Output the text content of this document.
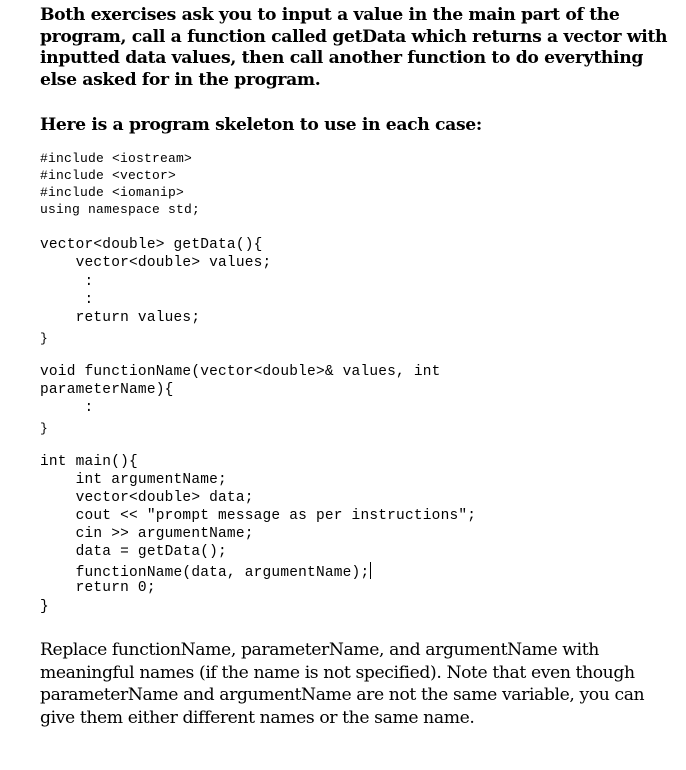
Both exercises ask you to input a value in the main part of the
program, call a function called getData which returns a vector with
inputted data values, then call another function to do everything
else asked for in the program.
Here is a program skeleton to use in each case:

#include <iostream>

#include <vector>

#include <iomanip>

using namespace std;

vector<double> getData(){

vector<double> values;

:

:

return values;

}

void functionName(vector<double>& values, int

parameterName){

:

}

int main(){

int argumentName;

vector<double> data;

cout << "prompt message as per instructions";

cin >> argumentName;

data = getData();

functionName(data, argumentName);

return 0;

}

Replace functionName, parameterName, and argumentName with
meaningful names (if the name is not specified). Note that even though
parameterName and argumentName are not the same variable, you can
give them either different names or the same name.
